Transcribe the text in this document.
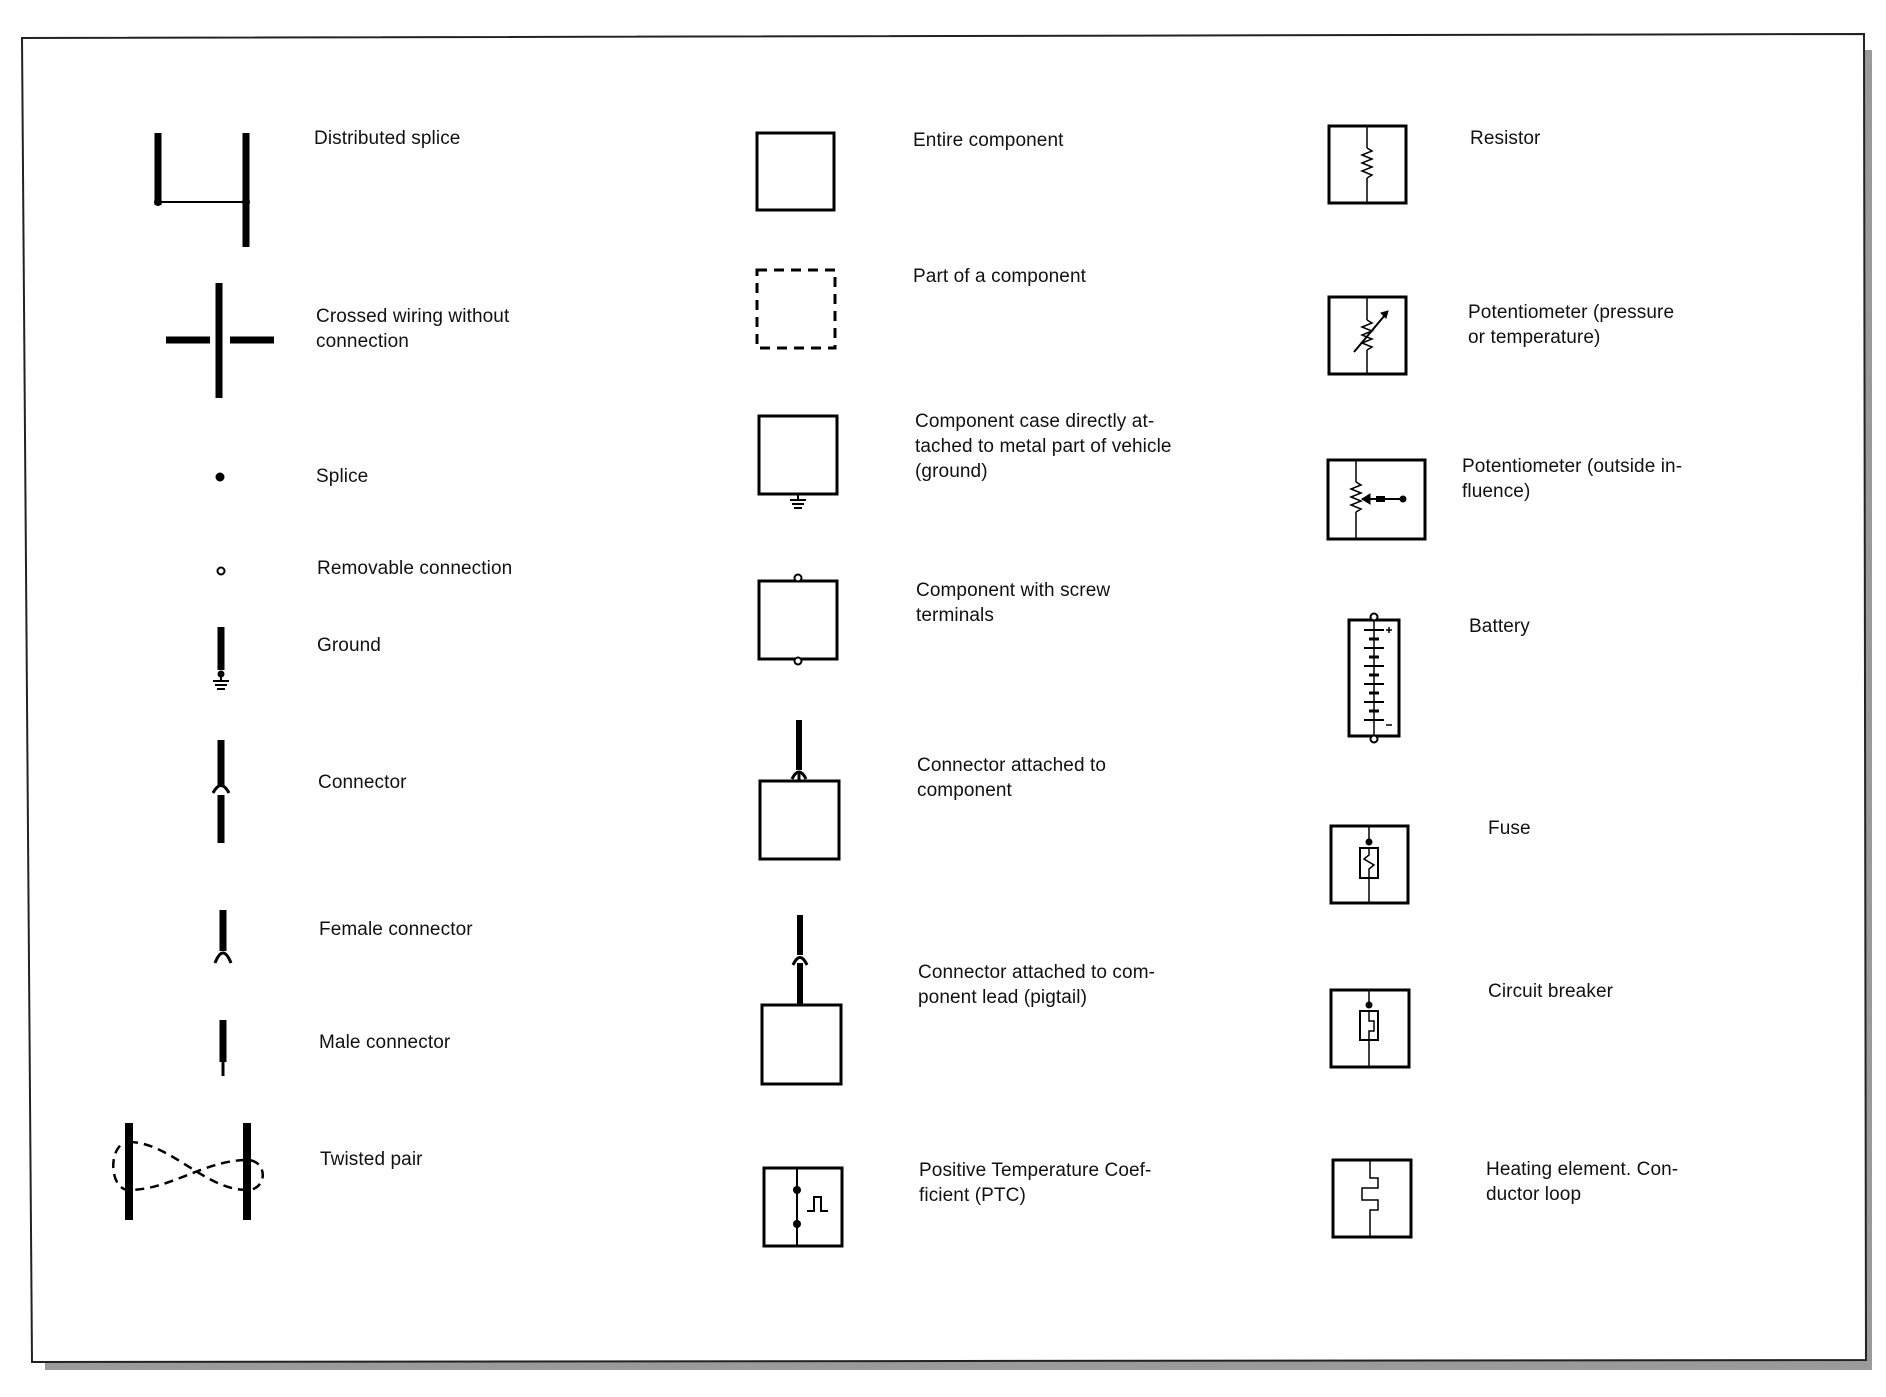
Distributed splice
Crossed wiring without
connection
Splice
Removable connection
Ground
Connector
Female connector
Male connector
Twisted pair
Entire component
Part of a component
Component case directly at-
tached to metal part of vehicle
(ground)
Component with screw
terminals
Connector attached to
component
Connector attached to com-
ponent lead (pigtail)
Positive Temperature Coef-
ficient (PTC)
Resistor
Potentiometer (pressure
or temperature)
Potentiometer (outside in-
fluence)
Battery
Fuse
Circuit breaker
Heating element. Con-
ductor loop
